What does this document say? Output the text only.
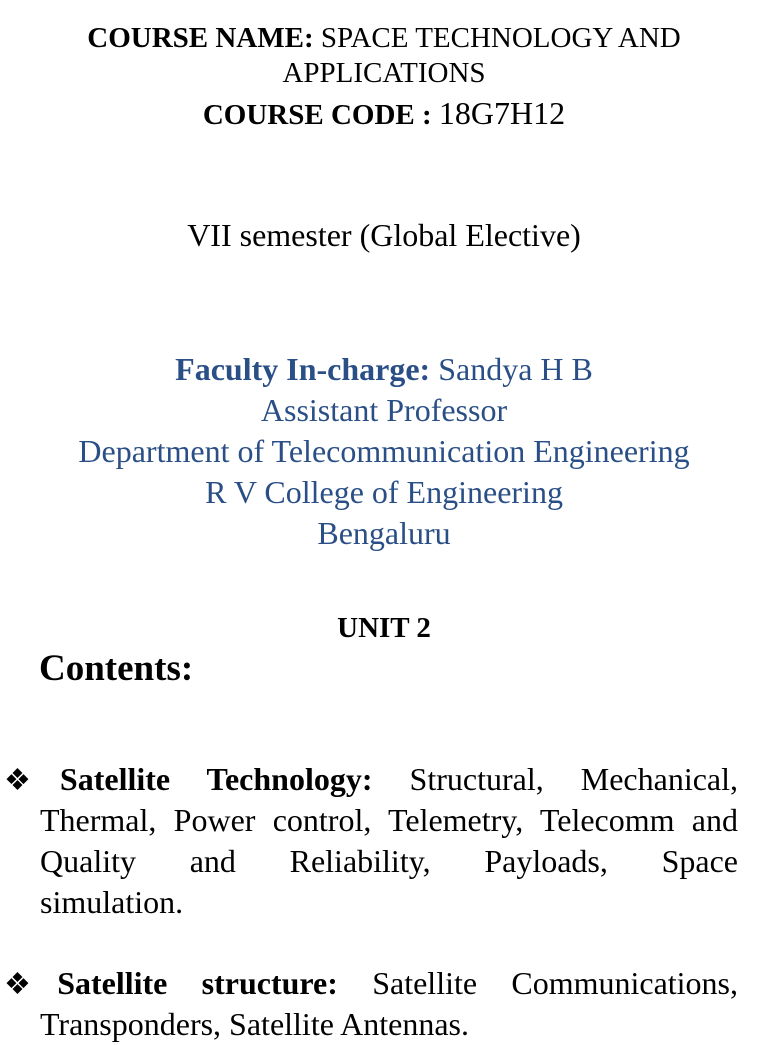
COURSE NAME: SPACE TECHNOLOGY AND
APPLICATIONS
COURSE CODE : 18G7H12
VII semester (Global Elective)
Faculty In-charge: Sandya H B
Assistant Professor
Department of Telecommunication Engineering
R V College of Engineering
Bengaluru
UNIT 2
Contents:
❖Satellite Technology: Structural, Mechanical,
Thermal, Power control, Telemetry, Telecomm and
Quality and Reliability, Payloads, Space
simulation.
❖Satellite structure: Satellite Communications,
Transponders, Satellite Antennas.
